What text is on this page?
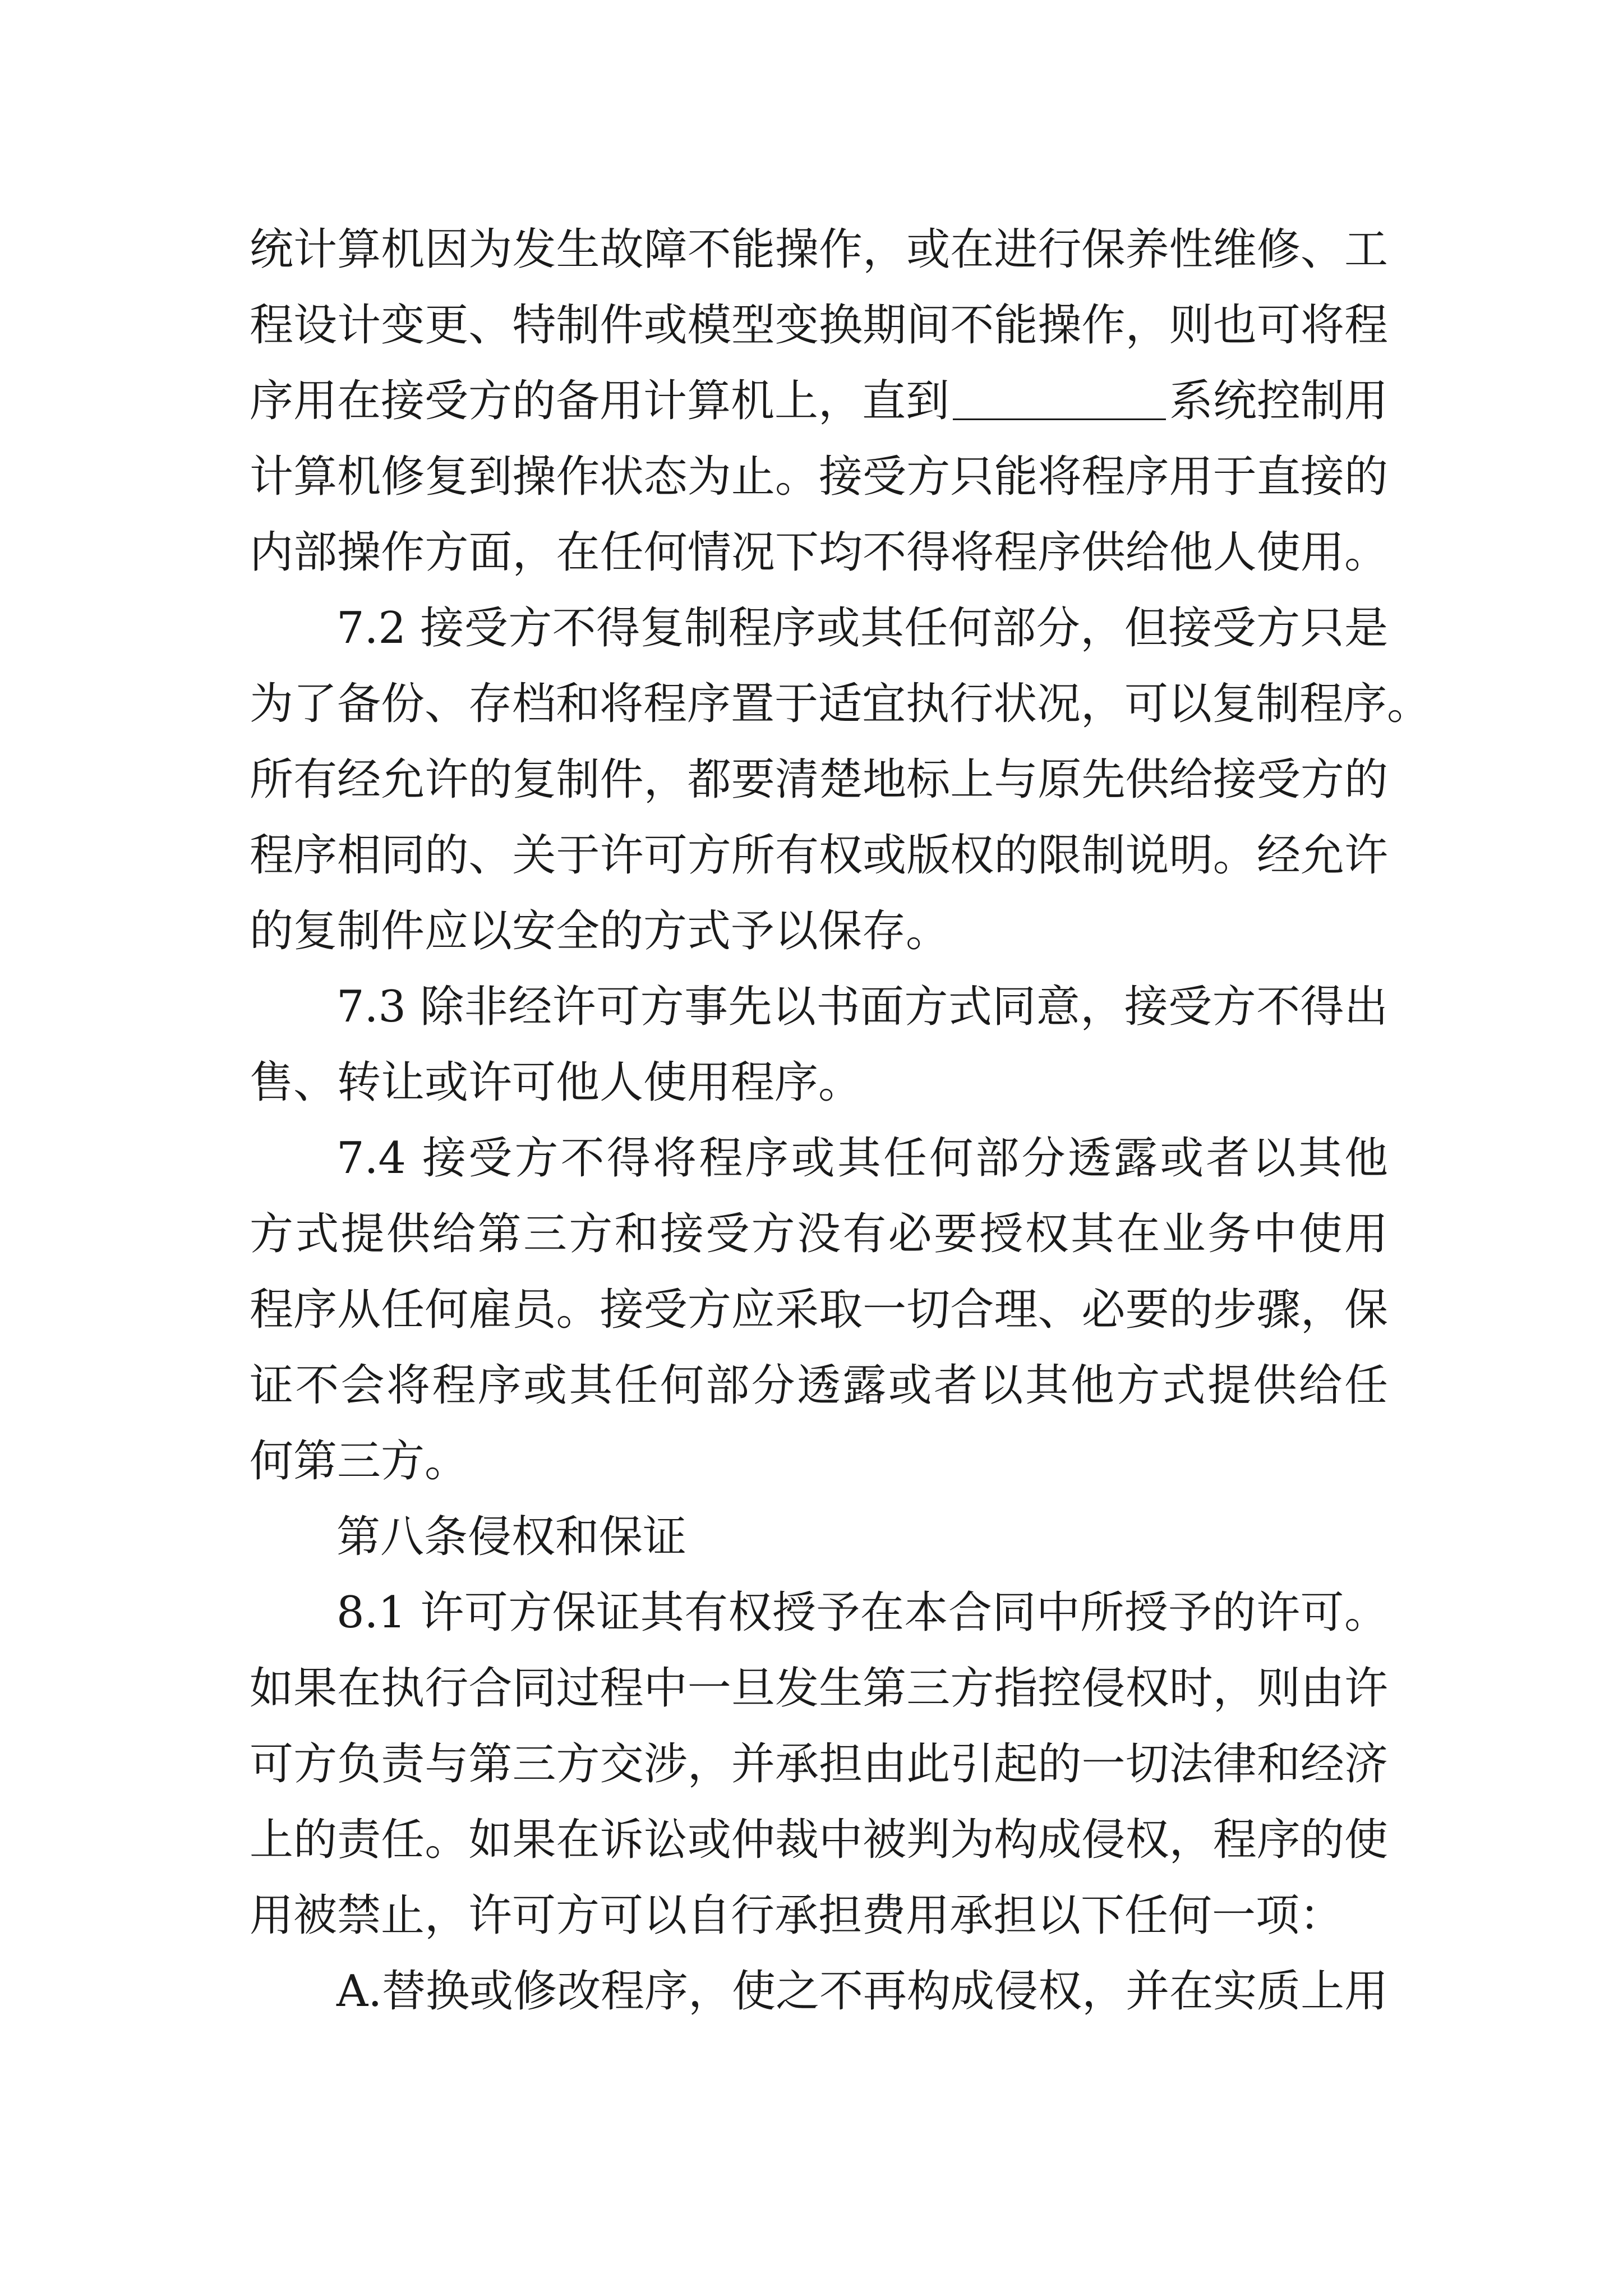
统计算机因为发生故障不能操作，或在进行保养性维修、工
程设计变更、特制件或模型变换期间不能操作，则也可将程
序用在接受方的备用计算机上，直到	系统控制用
计算机修复到操作状态为止。接受方只能将程序用于直接的
内部操作方面，在任何情况下均不得将程序供给他人使用。
7.2 接受方不得复制程序或其任何部分，但接受方只是
为了备份、存档和将程序置于适宜执行状况，可以复制程序。
所有经允许的复制件，都要清楚地标上与原先供给接受方的
程序相同的、关于许可方所有权或版权的限制说明。经允许
的复制件应以安全的方式予以保存。
7.3 除非经许可方事先以书面方式同意，接受方不得出
售、转让或许可他人使用程序。
7.4 接受方不得将程序或其任何部分透露或者以其他
方式提供给第三方和接受方没有必要授权其在业务中使用
程序从任何雇员。接受方应采取一切合理、必要的步骤，保
证不会将程序或其任何部分透露或者以其他方式提供给任
何第三方。
第八条侵权和保证
8.1 许可方保证其有权授予在本合同中所授予的许可。
如果在执行合同过程中一旦发生第三方指控侵权时，则由许
可方负责与第三方交涉，并承担由此引起的一切法律和经济
上的责任。如果在诉讼或仲裁中被判为构成侵权，程序的使
用被禁止，许可方可以自行承担费用承担以下任何一项：
A.替换或修改程序，使之不再构成侵权，并在实质上用
